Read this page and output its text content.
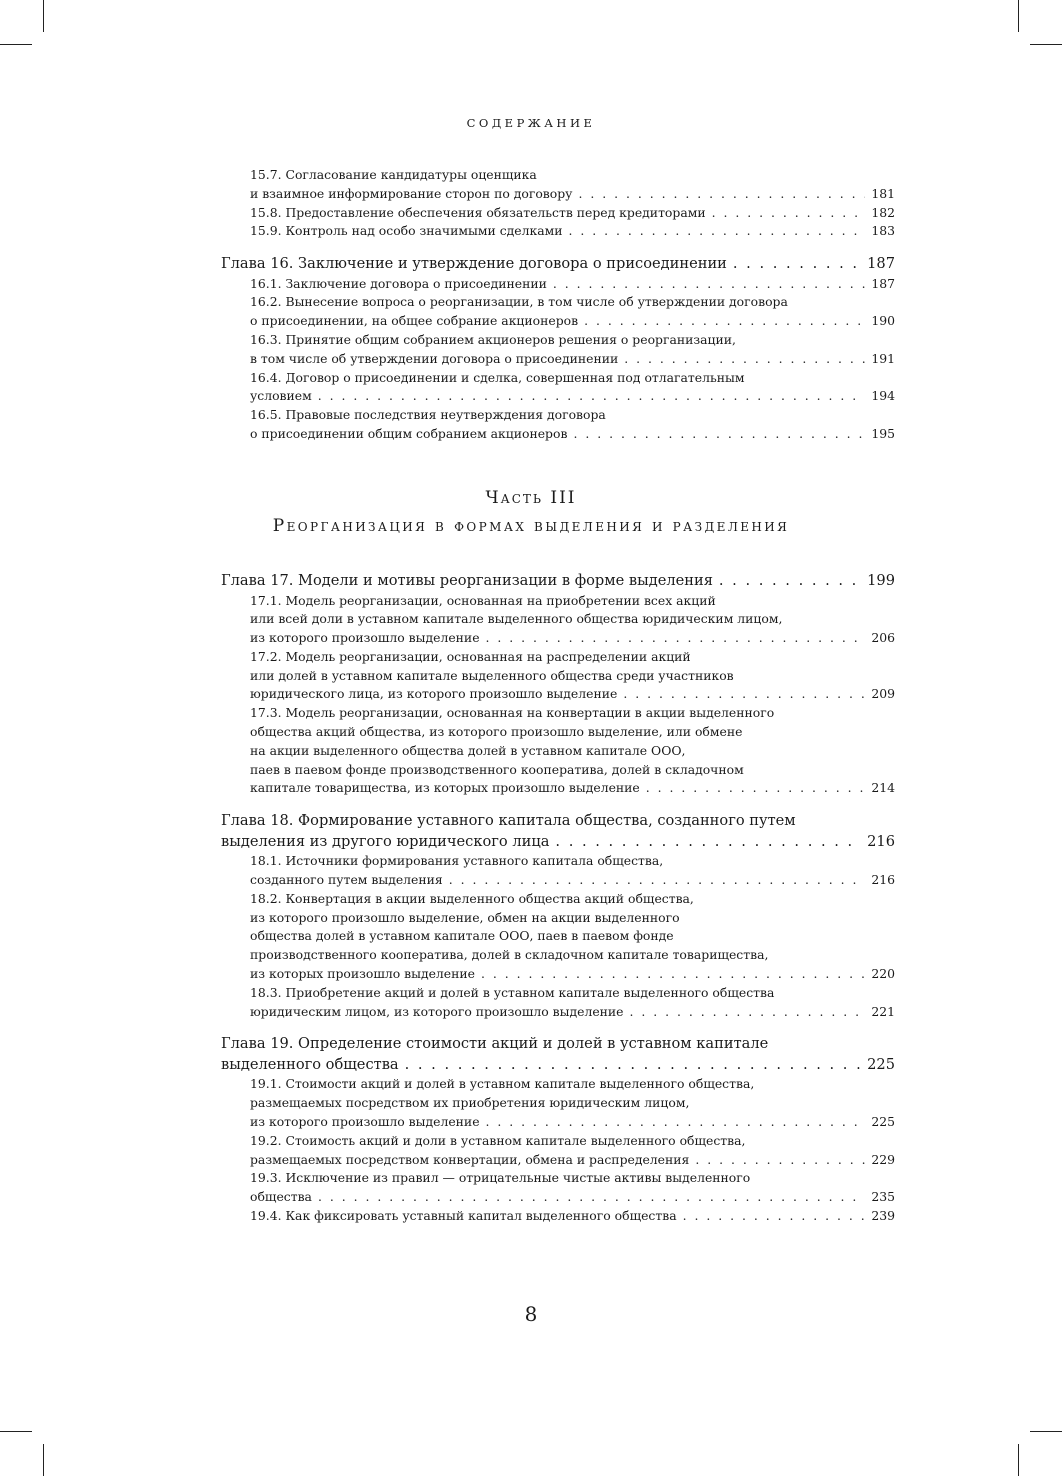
СОДЕРЖАНИЕ
15.7. Согласование кандидатуры оценщика
и взаимное информирование сторон по договору . . .	181
15.8. Предоставление обеспечения обязательств перед кредиторами . . .	182
15.9. Контроль над особо значимыми сделками . . .	183
Глава 16. Заключение и утверждение договора о присоединении . . .	187
16.1. Заключение договора о присоединении . . .	187
16.2. Вынесение вопроса о реорганизации, в том числе об утверждении договора
о присоединении, на общее собрание акционеров . . .	190
16.3. Принятие общим собранием акционеров решения о реорганизации,
в том числе об утверждении договора о присоединении . . .	191
16.4. Договор о присоединении и сделка, совершенная под отлагательным
условием . . .	194
16.5. Правовые последствия неутверждения договора
о присоединении общим собранием акционеров . . .	195
Часть III
Реорганизация в формах выделения и разделения
Глава 17. Модели и мотивы реорганизации в форме выделения . . .	199
17.1. Модель реорганизации, основанная на приобретении всех акций
или всей доли в уставном капитале выделенного общества юридическим лицом,
из которого произошло выделение . . .	206
17.2. Модель реорганизации, основанная на распределении акций
или долей в уставном капитале выделенного общества среди участников
юридического лица, из которого произошло выделение . . .	209
17.3. Модель реорганизации, основанная на конвертации в акции выделенного
общества акций общества, из которого произошло выделение, или обмене
на акции выделенного общества долей в уставном капитале ООО,
паев в паевом фонде производственного кооператива, долей в складочном
капитале товарищества, из которых произошло выделение . . .	214
Глава 18. Формирование уставного капитала общества, созданного путем
выделения из другого юридического лица . . .	216
18.1. Источники формирования уставного капитала общества,
созданного путем выделения . . .	216
18.2. Конвертация в акции выделенного общества акций общества,
из которого произошло выделение, обмен на акции выделенного
общества долей в уставном капитале ООО, паев в паевом фонде
производственного кооператива, долей в складочном капитале товарищества,
из которых произошло выделение . . .	220
18.3. Приобретение акций и долей в уставном капитале выделенного общества
юридическим лицом, из которого произошло выделение . . .	221
Глава 19. Определение стоимости акций и долей в уставном капитале
выделенного общества . . .	225
19.1. Стоимости акций и долей в уставном капитале выделенного общества,
размещаемых посредством их приобретения юридическим лицом,
из которого произошло выделение . . .	225
19.2. Стоимость акций и доли в уставном капитале выделенного общества,
размещаемых посредством конвертации, обмена и распределения . . .	229
19.3. Исключение из правил — отрицательные чистые активы выделенного
общества . . .	235
19.4. Как фиксировать уставный капитал выделенного общества . . .	239
8
